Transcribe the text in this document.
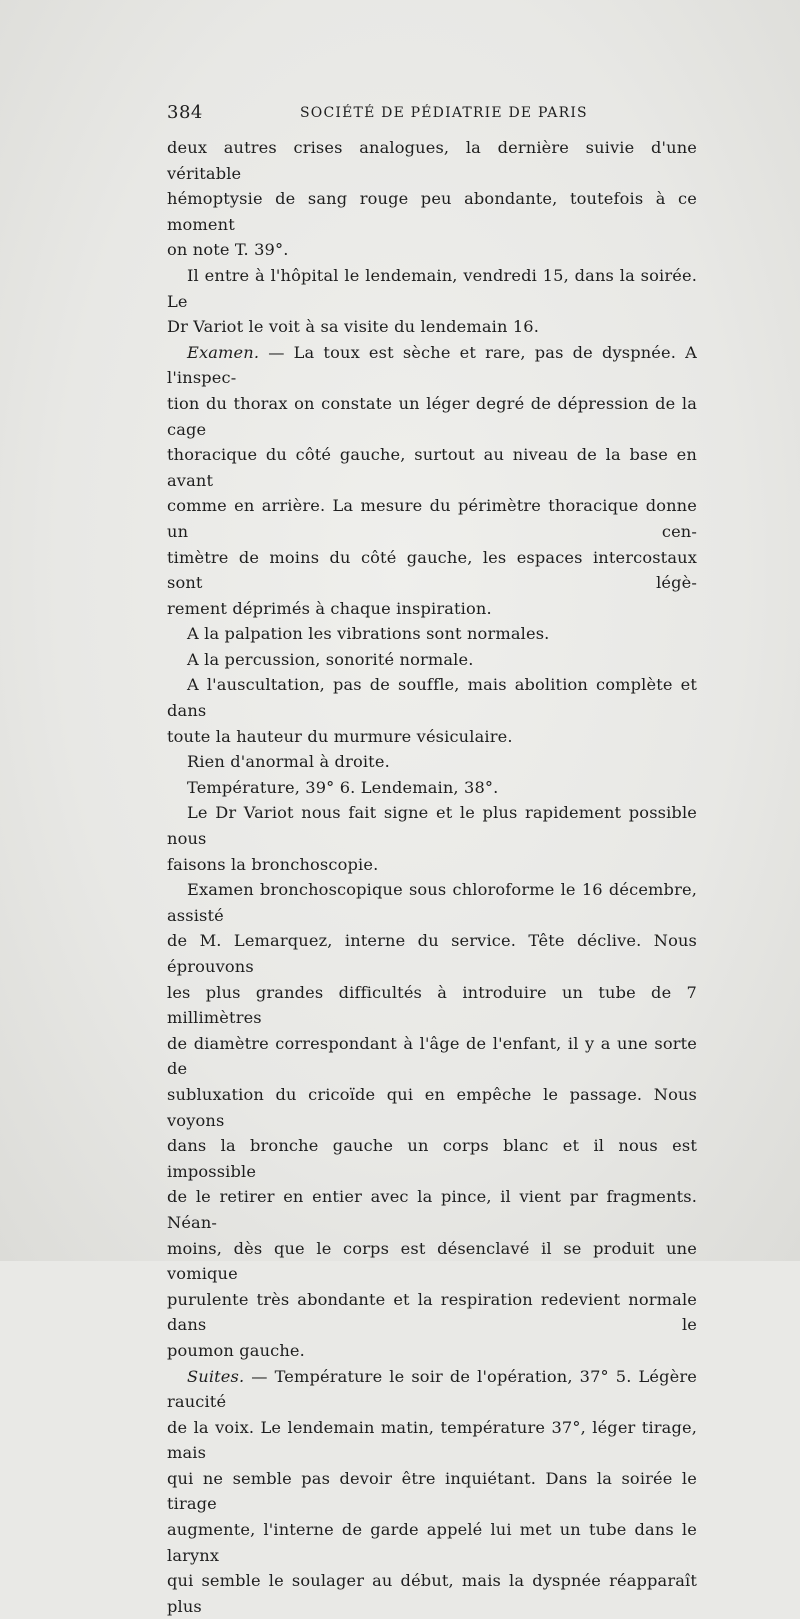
384	SOCIÉTÉ DE PÉDIATRIE DE PARIS
deux autres crises analogues, la dernière suivie d'une véritable
hémoptysie de sang rouge peu abondante, toutefois à ce moment
on note T. 39°.
Il entre à l'hôpital le lendemain, vendredi 15, dans la soirée. Le
Dr Variot le voit à sa visite du lendemain 16.
Examen. — La toux est sèche et rare, pas de dyspnée. A l'inspec-
tion du thorax on constate un léger degré de dépression de la cage
thoracique du côté gauche, surtout au niveau de la base en avant
comme en arrière. La mesure du périmètre thoracique donne un cen-
timètre de moins du côté gauche, les espaces intercostaux sont légè-
rement déprimés à chaque inspiration.
A la palpation les vibrations sont normales.
A la percussion, sonorité normale.
A l'auscultation, pas de souffle, mais abolition complète et dans
toute la hauteur du murmure vésiculaire.
Rien d'anormal à droite.
Température, 39° 6. Lendemain, 38°.
Le Dr Variot nous fait signe et le plus rapidement possible nous
faisons la bronchoscopie.
Examen bronchoscopique sous chloroforme le 16 décembre, assisté
de M. Lemarquez, interne du service. Tête déclive. Nous éprouvons
les plus grandes difficultés à introduire un tube de 7 millimètres
de diamètre correspondant à l'âge de l'enfant, il y a une sorte de
subluxation du cricoïde qui en empêche le passage. Nous voyons
dans la bronche gauche un corps blanc et il nous est impossible
de le retirer en entier avec la pince, il vient par fragments. Néan-
moins, dès que le corps est désenclavé il se produit une vomique
purulente très abondante et la respiration redevient normale dans le
poumon gauche.
Suites. — Température le soir de l'opération, 37° 5. Légère raucité
de la voix. Le lendemain matin, température 37°, léger tirage, mais
qui ne semble pas devoir être inquiétant. Dans la soirée le tirage
augmente, l'interne de garde appelé lui met un tube dans le larynx
qui semble le soulager au début, mais la dyspnée réapparaît plus
